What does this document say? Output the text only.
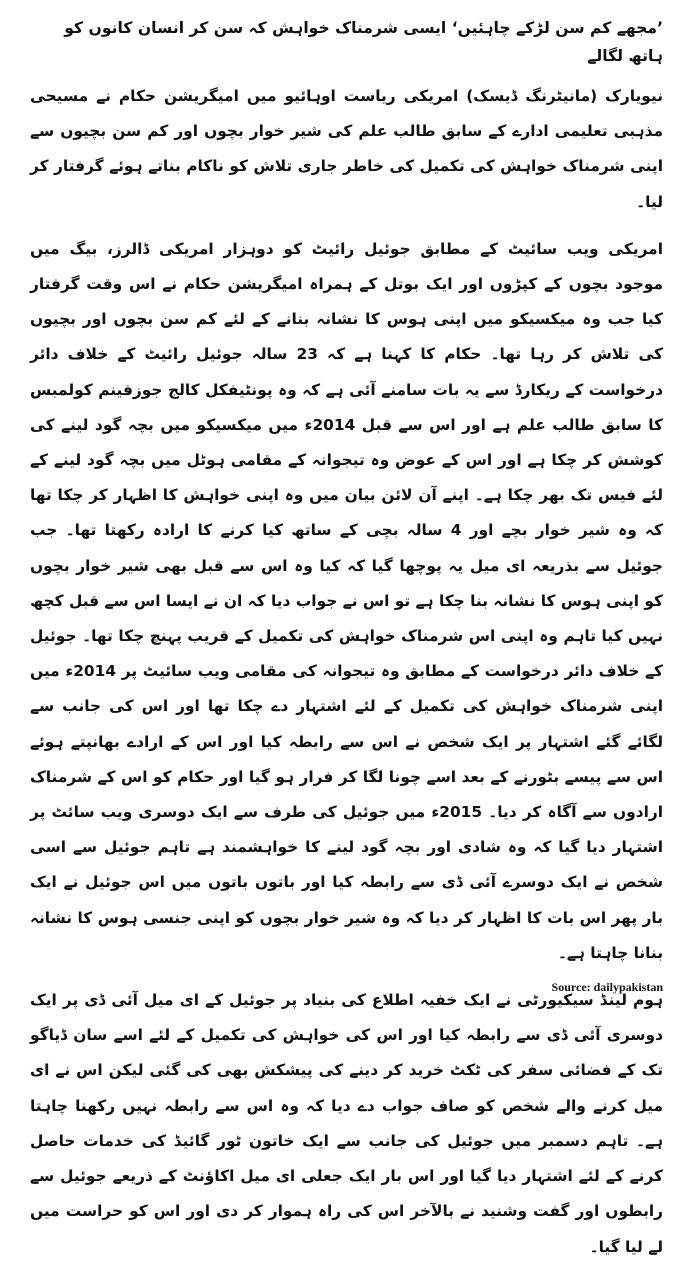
’مجھے کم سن لڑکے چاہئیں‘ ایسی شرمناک خواہش کہ سن کر انسان کانوں کو ہاتھ لگالے

نیویارک (مانیٹرنگ ڈیسک) امریکی ریاست اوہائیو میں امیگریشن حکام نے مسیحی مذہبی تعلیمی ادارے کے سابق طالب علم کی شیر خوار بچوں اور کم سن بچیوں سے اپنی شرمناک خواہش کی تکمیل کی خاطر جاری تلاش کو ناکام بناتے ہوئے گرفتار کر لیا۔

امریکی ویب سائیٹ کے مطابق جوئیل رائیٹ کو دوہزار امریکی ڈالرز، بیگ میں موجود بچوں کے کپڑوں اور ایک بوتل کے ہمراہ امیگریشن حکام نے اس وقت گرفتار کیا جب وہ میکسیکو میں اپنی ہوس کا نشانہ بنانے کے لئے کم سن بچوں اور بچیوں کی تلاش کر رہا تھا۔ حکام کا کہنا ہے کہ 23 سالہ جوئیل رائیٹ کے خلاف دائر درخواست کے ریکارڈ سے یہ بات سامنے آئی ہے کہ وہ پونٹیفکل کالج جوزفینم کولمبس کا سابق طالب علم ہے اور اس سے قبل 2014ء میں میکسیکو میں بچہ گود لینے کی کوشش کر چکا ہے اور اس کے عوض وہ تیجوانہ کے مقامی ہوٹل میں بچہ گود لینے کے لئے فیس تک بھر چکا ہے۔ اپنے آن لائن بیان میں وہ اپنی خواہش کا اظہار کر چکا تھا کہ وہ شیر خوار بچے اور 4 سالہ بچی کے ساتھ کیا کرنے کا ارادہ رکھتا تھا۔ جب جوئیل سے بذریعہ ای میل یہ پوچھا گیا کہ کیا وہ اس سے قبل بھی شیر خوار بچوں کو اپنی ہوس کا نشانہ بنا چکا ہے تو اس نے جواب دیا کہ ان نے ایسا اس سے قبل کچھ نہیں کیا تاہم وہ اپنی اس شرمناک خواہش کی تکمیل کے قریب پہنچ چکا تھا۔ جوئیل کے خلاف دائر درخواست کے مطابق وہ تیجوانہ کی مقامی ویب سائیٹ پر 2014ء میں اپنی شرمناک خواہش کی تکمیل کے لئے اشتہار دے چکا تھا اور اس کی جانب سے لگائے گئے اشتہار پر ایک شخص نے اس سے رابطہ کیا اور اس کے ارادے بھانپتے ہوئے اس سے پیسے بٹورنے کے بعد اسے چونا لگا کر فرار ہو گیا اور حکام کو اس کے شرمناک ارادوں سے آگاہ کر دیا۔ 2015ء میں جوئیل کی طرف سے ایک دوسری ویب سائٹ پر اشتہار دیا گیا کہ وہ شادی اور بچہ گود لینے کا خواہشمند ہے تاہم جوئیل سے اسی شخص نے ایک دوسرے آئی ڈی سے رابطہ کیا اور باتوں باتوں میں اس جوئیل نے ایک بار پھر اس بات کا اظہار کر دیا کہ وہ شیر خوار بچوں کو اپنی جنسی ہوس کا نشانہ بنانا چاہتا ہے۔

ہوم لینڈ سیکیورٹی نے ایک خفیہ اطلاع کی بنیاد پر جوئیل کے ای میل آئی ڈی پر ایک دوسری آئی ڈی سے رابطہ کیا اور اس کی خواہش کی تکمیل کے لئے اسے سان ڈیاگو تک کے فضائی سفر کی ٹکٹ خرید کر دینے کی پیشکش بھی کی گئی لیکن اس نے ای میل کرنے والے شخص کو صاف جواب دے دیا کہ وہ اس سے رابطہ نہیں رکھنا چاہتا ہے۔ تاہم دسمبر میں جوئیل کی جانب سے ایک خاتون ٹور گائیڈ کی خدمات حاصل کرنے کے لئے اشتہار دیا گیا اور اس بار ایک جعلی ای میل اکاؤنٹ کے ذریعے جوئیل سے رابطوں اور گفت وشنید نے بالآخر اس کی راہ ہموار کر دی اور اس کو حراست میں لے لیا گیا۔

Source: dailypakistan
